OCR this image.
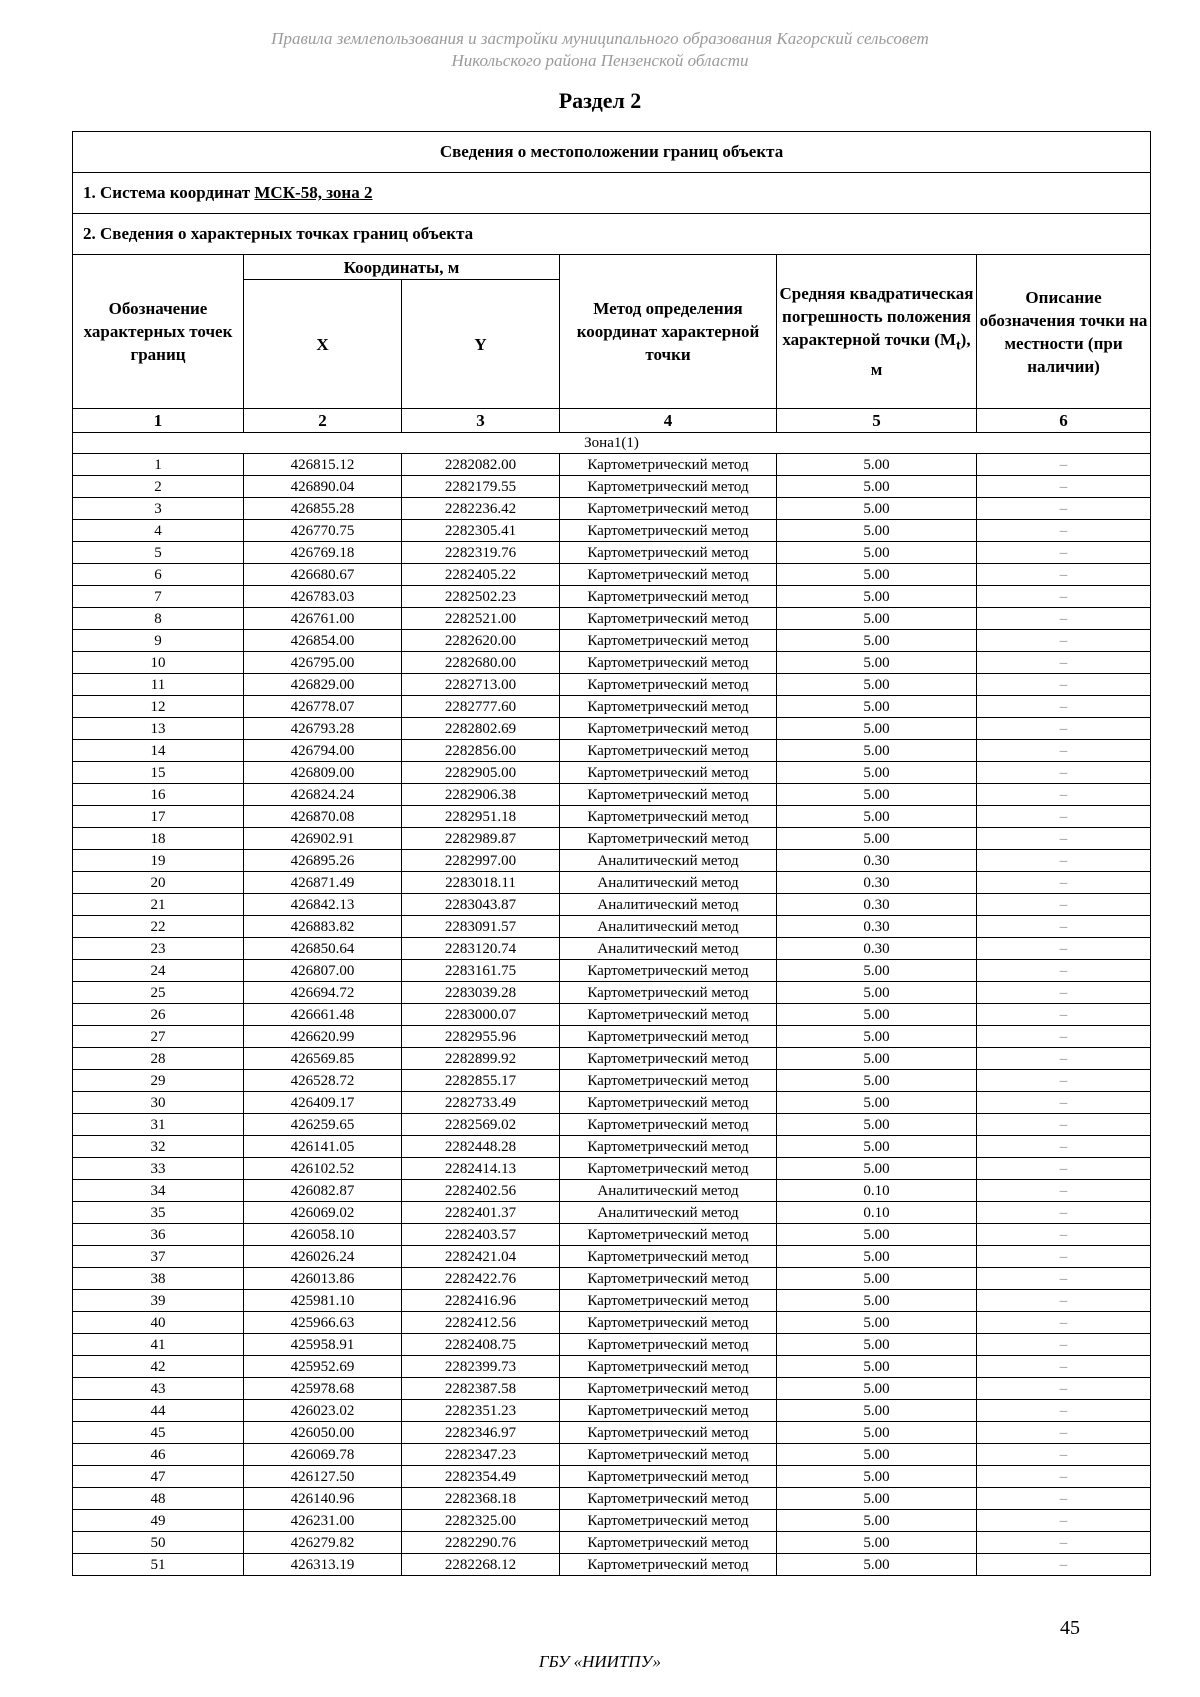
Правила землепользования и застройки муниципального образования Кагорский сельсовет
Никольского района Пензенской области
Раздел 2
Сведения о местоположении границ объекта					
1. Система координат МСК-58, зона 2					
2. Сведения о характерных точках границ объекта					
Обозначение характерных точек границ	Координаты, м		Метод определения координат характерной точки	Средняя квадратическая погрешность положения характерной точки $(M_t)$, м	Описание обозначения точки на местности (при наличии)
	X	Y			
1	2	3	4	5	6
Зона1(1)					
1	426815.12	2282082.00	Картометрический метод	5.00	–
2	426890.04	2282179.55	Картометрический метод	5.00	–
3	426855.28	2282236.42	Картометрический метод	5.00	–
4	426770.75	2282305.41	Картометрический метод	5.00	–
5	426769.18	2282319.76	Картометрический метод	5.00	–
6	426680.67	2282405.22	Картометрический метод	5.00	–
7	426783.03	2282502.23	Картометрический метод	5.00	–
8	426761.00	2282521.00	Картометрический метод	5.00	–
9	426854.00	2282620.00	Картометрический метод	5.00	–
10	426795.00	2282680.00	Картометрический метод	5.00	–
11	426829.00	2282713.00	Картометрический метод	5.00	–
12	426778.07	2282777.60	Картометрический метод	5.00	–
13	426793.28	2282802.69	Картометрический метод	5.00	–
14	426794.00	2282856.00	Картометрический метод	5.00	–
15	426809.00	2282905.00	Картометрический метод	5.00	–
16	426824.24	2282906.38	Картометрический метод	5.00	–
17	426870.08	2282951.18	Картометрический метод	5.00	–
18	426902.91	2282989.87	Картометрический метод	5.00	–
19	426895.26	2282997.00	Аналитический метод	0.30	–
20	426871.49	2283018.11	Аналитический метод	0.30	–
21	426842.13	2283043.87	Аналитический метод	0.30	–
22	426883.82	2283091.57	Аналитический метод	0.30	–
23	426850.64	2283120.74	Аналитический метод	0.30	–
24	426807.00	2283161.75	Картометрический метод	5.00	–
25	426694.72	2283039.28	Картометрический метод	5.00	–
26	426661.48	2283000.07	Картометрический метод	5.00	–
27	426620.99	2282955.96	Картометрический метод	5.00	–
28	426569.85	2282899.92	Картометрический метод	5.00	–
29	426528.72	2282855.17	Картометрический метод	5.00	–
30	426409.17	2282733.49	Картометрический метод	5.00	–
31	426259.65	2282569.02	Картометрический метод	5.00	–
32	426141.05	2282448.28	Картометрический метод	5.00	–
33	426102.52	2282414.13	Картометрический метод	5.00	–
34	426082.87	2282402.56	Аналитический метод	0.10	–
35	426069.02	2282401.37	Аналитический метод	0.10	–
36	426058.10	2282403.57	Картометрический метод	5.00	–
37	426026.24	2282421.04	Картометрический метод	5.00	–
38	426013.86	2282422.76	Картометрический метод	5.00	–
39	425981.10	2282416.96	Картометрический метод	5.00	–
40	425966.63	2282412.56	Картометрический метод	5.00	–
41	425958.91	2282408.75	Картометрический метод	5.00	–
42	425952.69	2282399.73	Картометрический метод	5.00	–
43	425978.68	2282387.58	Картометрический метод	5.00	–
44	426023.02	2282351.23	Картометрический метод	5.00	–
45	426050.00	2282346.97	Картометрический метод	5.00	–
46	426069.78	2282347.23	Картометрический метод	5.00	–
47	426127.50	2282354.49	Картометрический метод	5.00	–
48	426140.96	2282368.18	Картометрический метод	5.00	–
49	426231.00	2282325.00	Картометрический метод	5.00	–
50	426279.82	2282290.76	Картометрический метод	5.00	–
51	426313.19	2282268.12	Картометрический метод	5.00	–
45
ГБУ «НИИТПУ»
